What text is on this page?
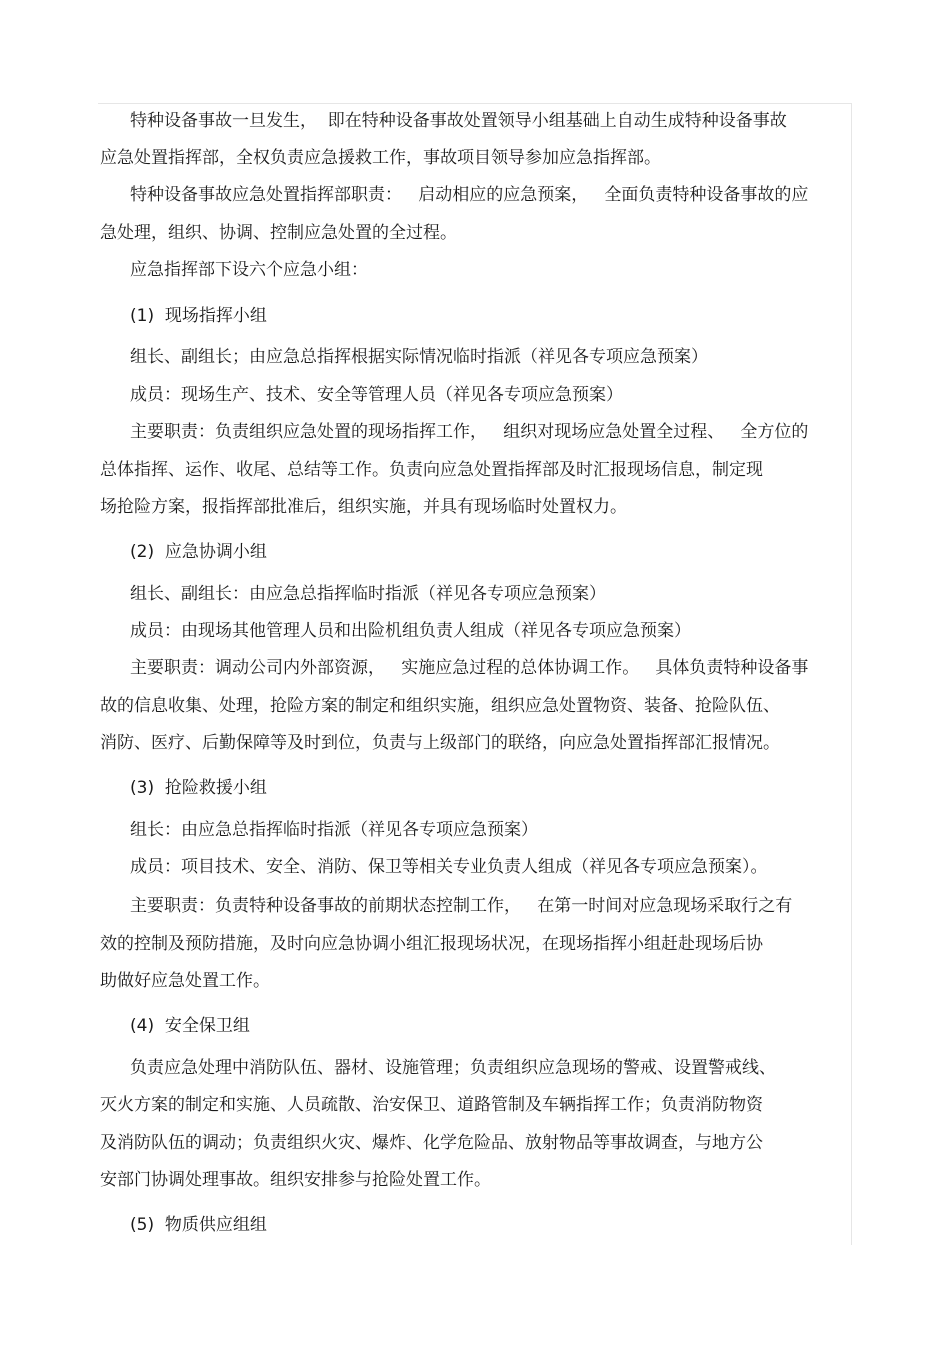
特种设备事故一旦发生，  即在特种设备事故处置领导小组基础上自动生成特种设备事故
应急处置指挥部，全权负责应急援救工作，事故项目领导参加应急指挥部。
特种设备事故应急处置指挥部职责：   启动相应的应急预案，   全面负责特种设备事故的应
急处理，组织、协调、控制应急处置的全过程。
应急指挥部下设六个应急小组：
(1)  现场指挥小组
组长、副组长；由应急总指挥根据实际情况临时指派（祥见各专项应急预案）
成员：现场生产、技术、安全等管理人员（祥见各专项应急预案）
主要职责：负责组织应急处置的现场指挥工作，   组织对现场应急处置全过程、   全方位的
总体指挥、运作、收尾、总结等工作。负责向应急处置指挥部及时汇报现场信息，制定现
场抢险方案，报指挥部批准后，组织实施，并具有现场临时处置权力。
(2)  应急协调小组
组长、副组长：由应急总指挥临时指派（祥见各专项应急预案）
成员：由现场其他管理人员和出险机组负责人组成（祥见各专项应急预案）
主要职责：调动公司内外部资源，   实施应急过程的总体协调工作。   具体负责特种设备事
故的信息收集、处理，抢险方案的制定和组织实施，组织应急处置物资、装备、抢险队伍、
消防、医疗、后勤保障等及时到位，负责与上级部门的联络，向应急处置指挥部汇报情况。
(3)  抢险救援小组
组长：由应急总指挥临时指派（祥见各专项应急预案）
成员：项目技术、安全、消防、保卫等相关专业负责人组成（祥见各专项应急预案）。
主要职责：负责特种设备事故的前期状态控制工作，   在第一时间对应急现场采取行之有
效的控制及预防措施，及时向应急协调小组汇报现场状况，在现场指挥小组赶赴现场后协
助做好应急处置工作。
(4)  安全保卫组
负责应急处理中消防队伍、器材、设施管理；负责组织应急现场的警戒、设置警戒线、
灭火方案的制定和实施、人员疏散、治安保卫、道路管制及车辆指挥工作；负责消防物资
及消防队伍的调动；负责组织火灾、爆炸、化学危险品、放射物品等事故调查，与地方公
安部门协调处理事故。组织安排参与抢险处置工作。
(5)  物质供应组组
